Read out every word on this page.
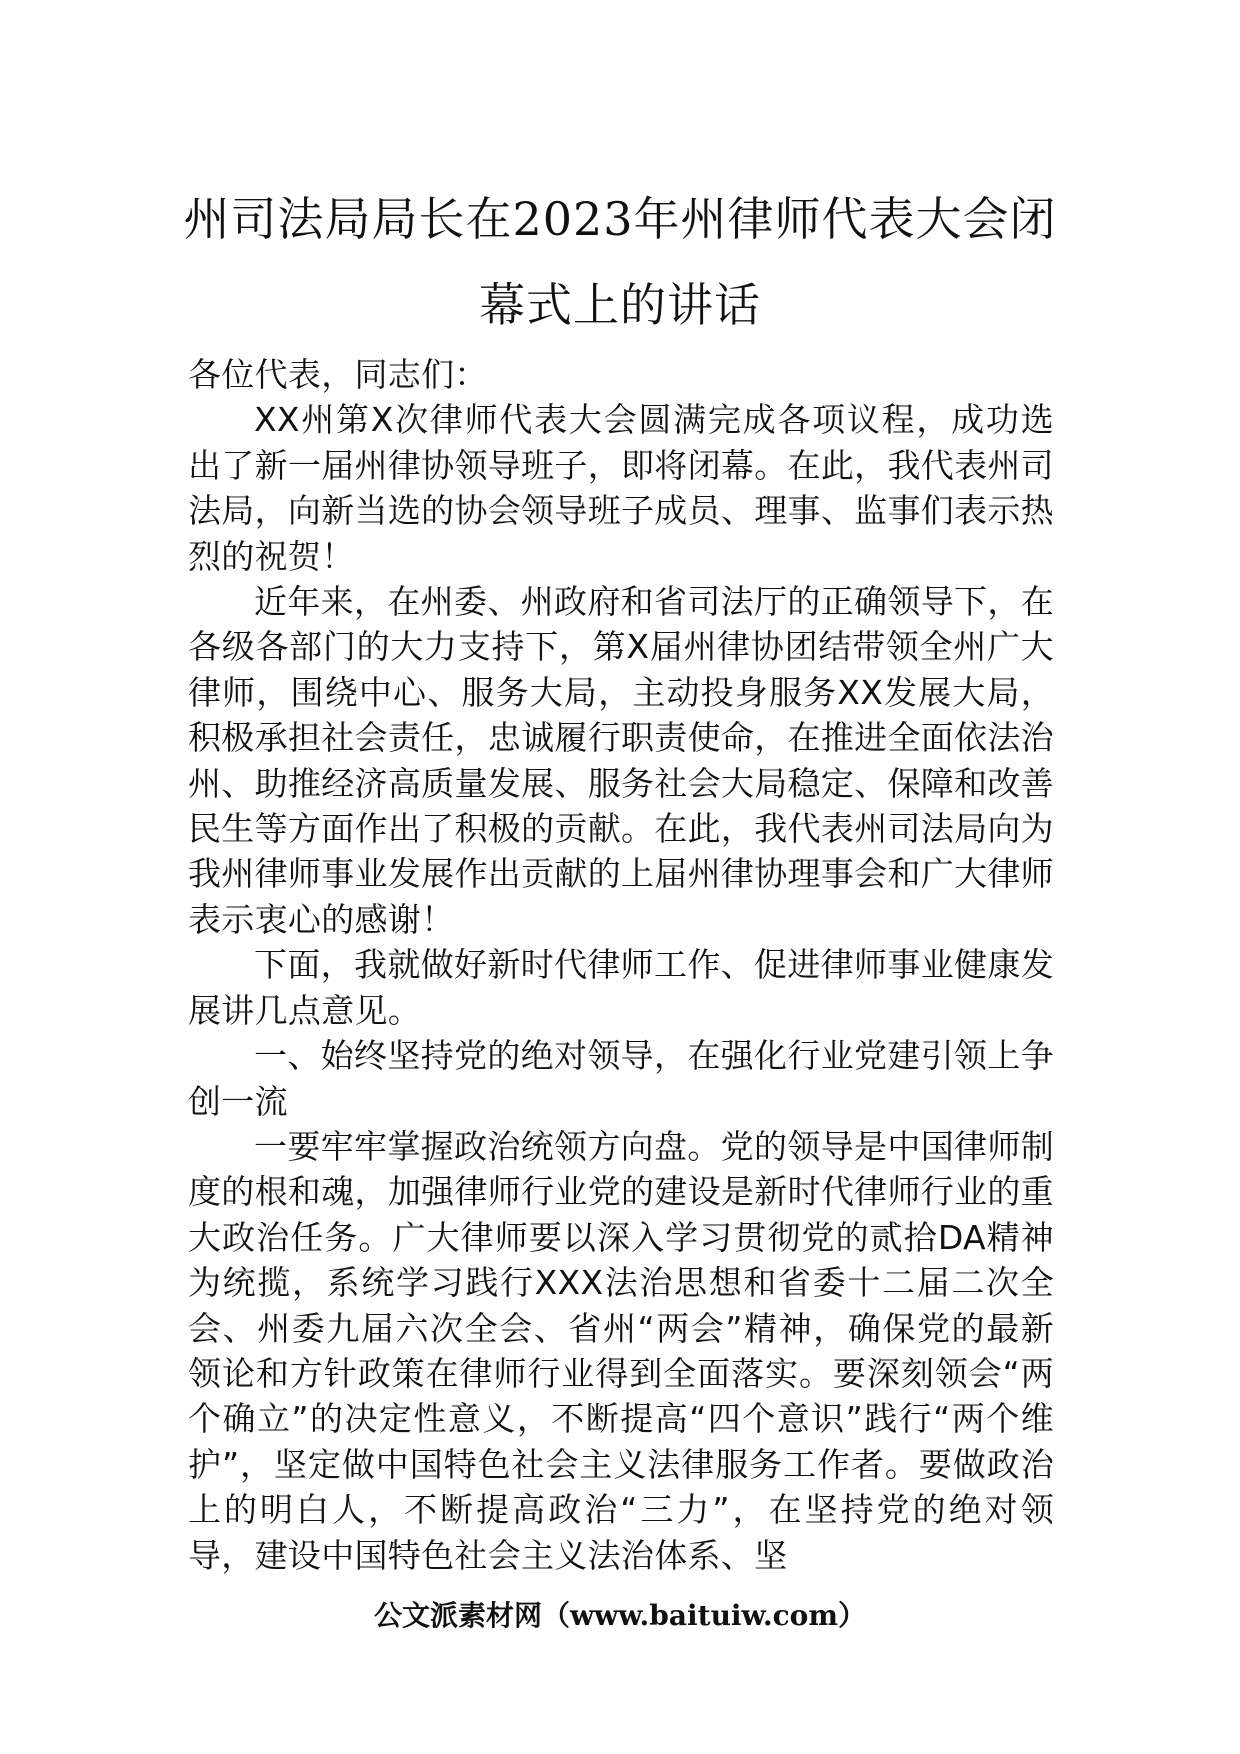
州司法局局长在2023年州律师代表大会闭
幕式上的讲话

各位代表，同志们：

XX州第X次律师代表大会圆满完成各项议程，成功选出了新一届州律协领导班子，即将闭幕。在此，我代表州司法局，向新当选的协会领导班子成员、理事、监事们表示热烈的祝贺！

近年来，在州委、州政府和省司法厅的正确领导下，在各级各部门的大力支持下，第X届州律协团结带领全州广大律师，围绕中心、服务大局，主动投身服务XX发展大局，积极承担社会责任，忠诚履行职责使命，在推进全面依法治州、助推经济高质量发展、服务社会大局稳定、保障和改善民生等方面作出了积极的贡献。在此，我代表州司法局向为我州律师事业发展作出贡献的上届州律协理事会和广大律师表示衷心的感谢！

下面，我就做好新时代律师工作、促进律师事业健康发展讲几点意见。

一、始终坚持党的绝对领导，在强化行业党建引领上争创一流

一要牢牢掌握政治统领方向盘。党的领导是中国律师制度的根和魂，加强律师行业党的建设是新时代律师行业的重大政治任务。广大律师要以深入学习贯彻党的贰拾DA精神为统揽，系统学习践行XXX法治思想和省委十二届二次全会、州委九届六次全会、省州“两会”精神，确保党的最新领论和方针政策在律师行业得到全面落实。要深刻领会“两个确立”的决定性意义，不断提高“四个意识”践行“两个维护”，坚定做中国特色社会主义法律服务工作者。要做政治上的明白人，不断提高政治“三力”，在坚持党的绝对领导，建设中国特色社会主义法治体系、坚

公文派素材网（www.baituiw.com）
